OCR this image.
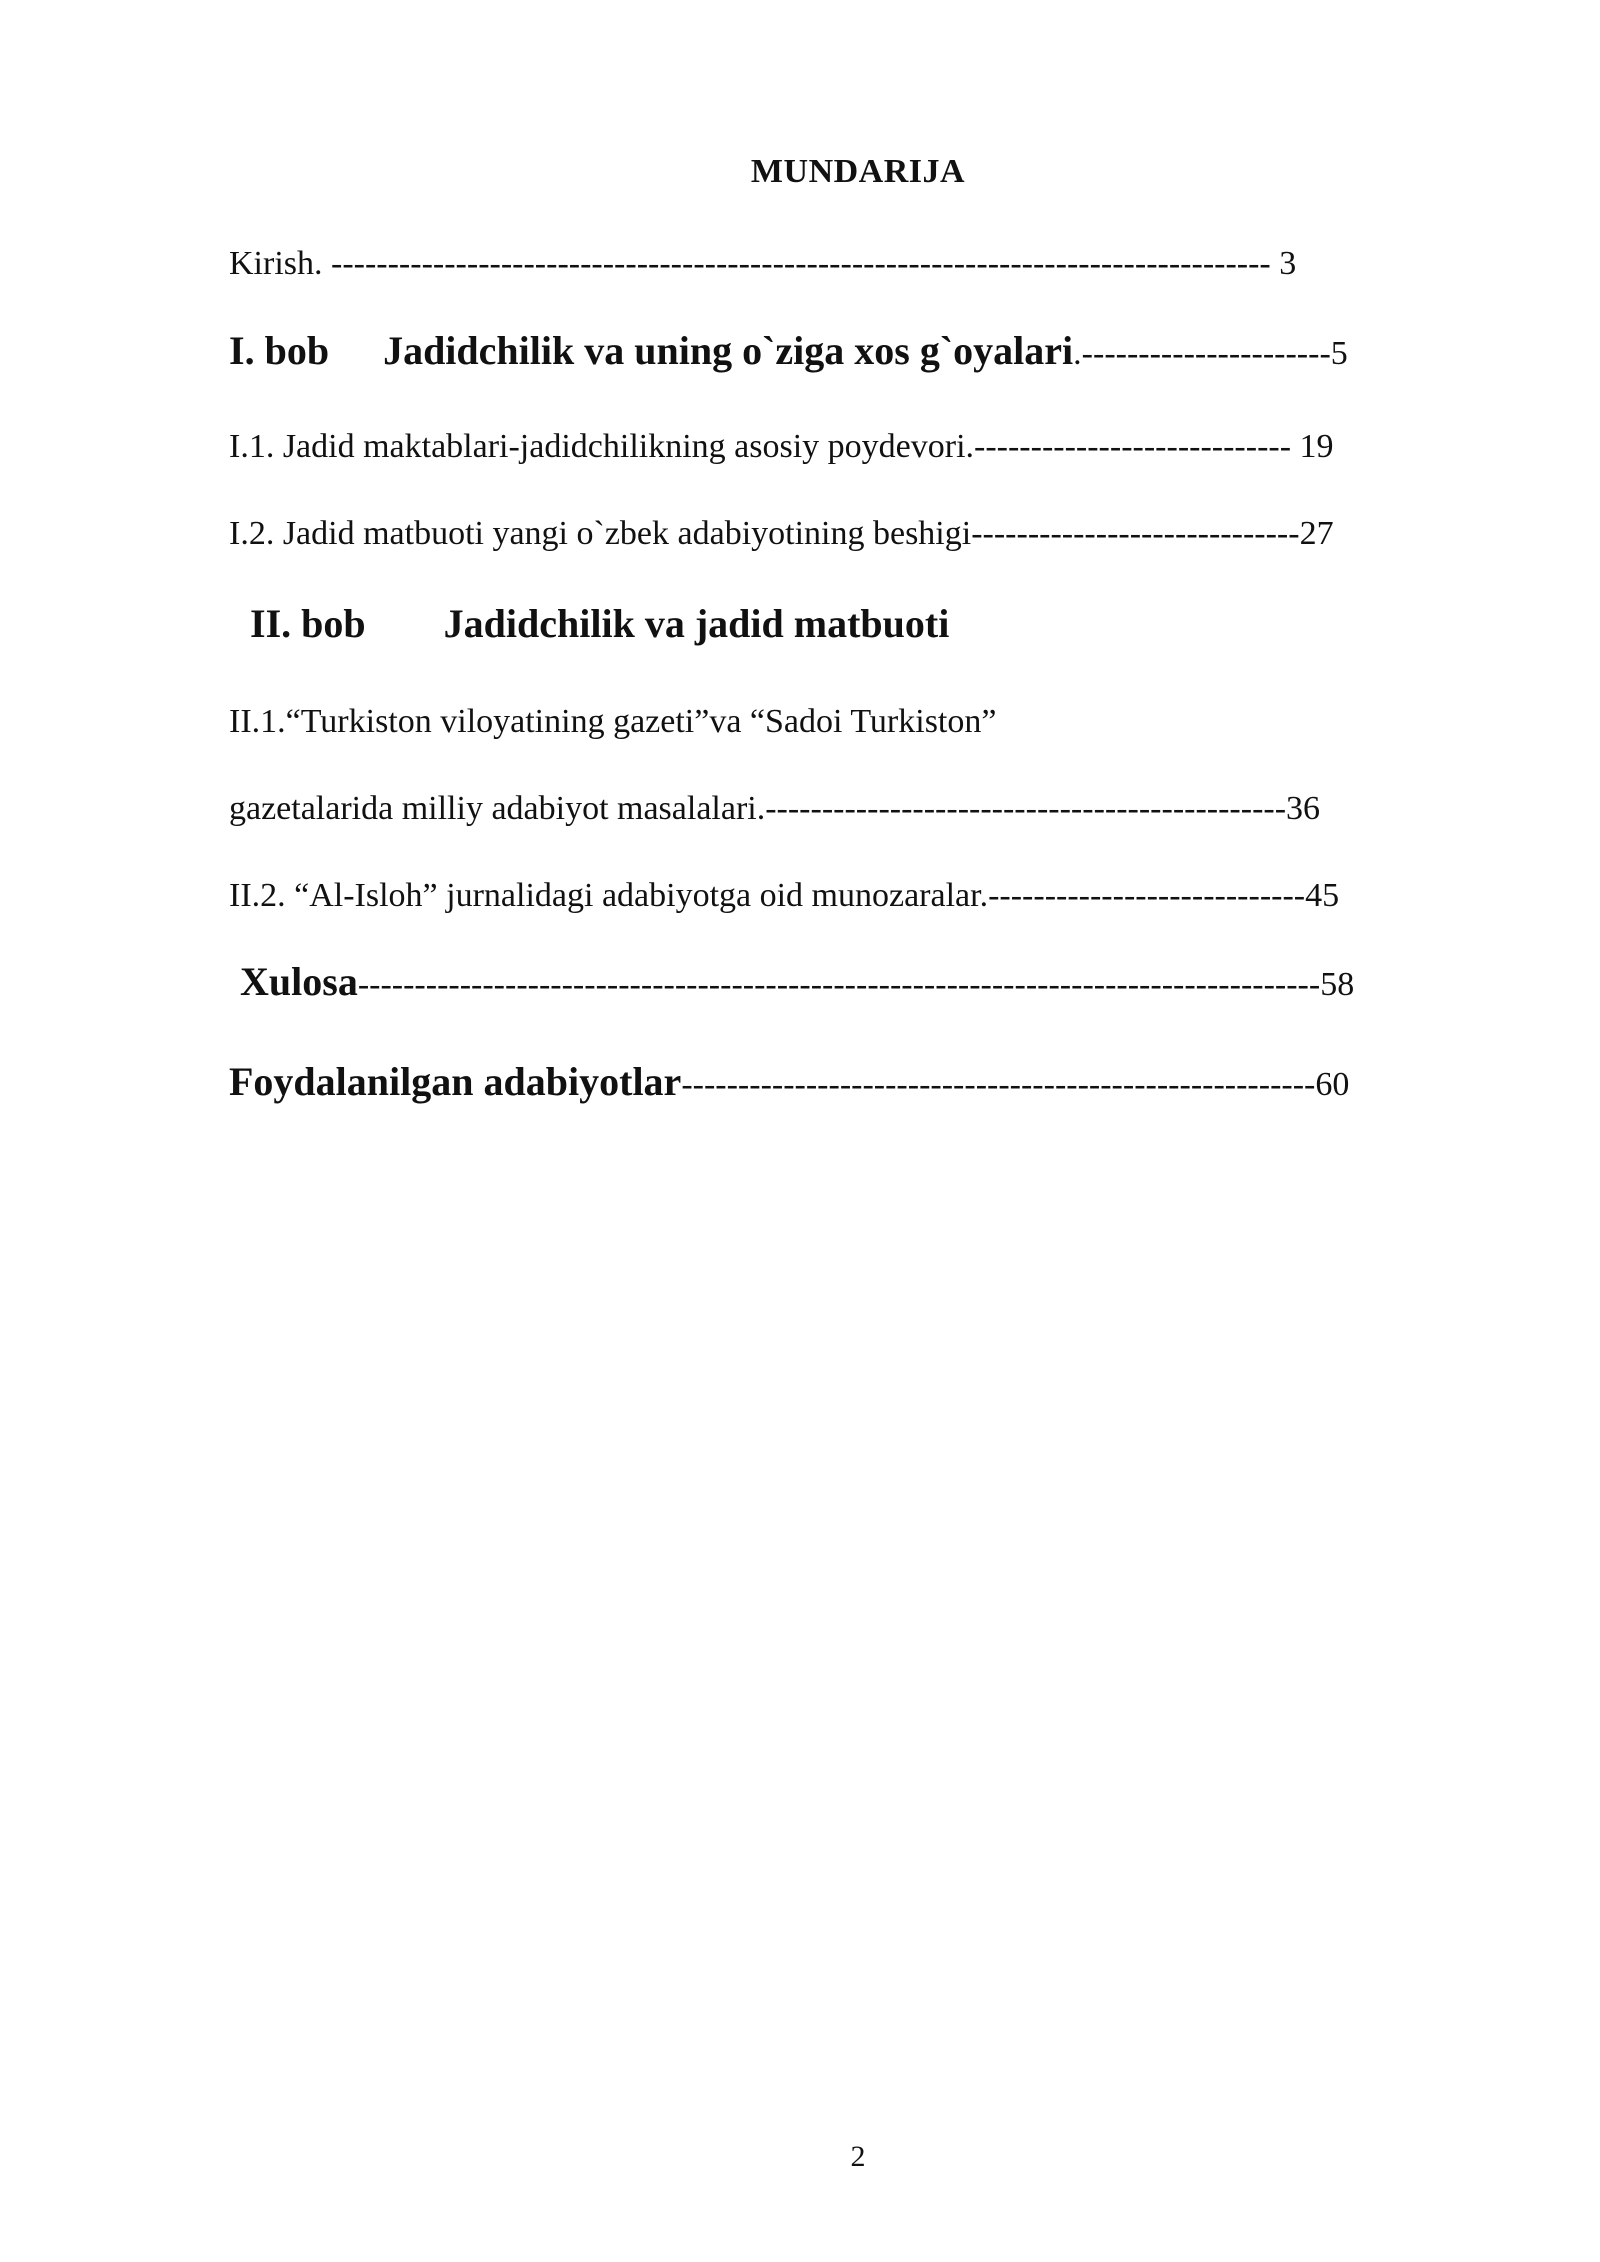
MUNDARIJA
Kirish. ----------------------------------------------------------------------------------- 3
I. bob Jadidchilik va uning o`ziga xos g`oyalari.----------------------5
I.1. Jadid maktablari-jadidchilikning asosiy poydevori.---------------------------- 19
I.2. Jadid matbuoti yangi o`zbek adabiyotining beshigi-----------------------------27
II. bob Jadidchilik va jadid matbuoti
II.1.“Turkiston viloyatining gazeti”va “Sadoi Turkiston”
gazetalarida milliy adabiyot masalalari.----------------------------------------------36
II.2. “Al-Isloh” jurnalidagi adabiyotga oid munozaralar.----------------------------45
Xulosa-------------------------------------------------------------------------------------58
Foydalanilgan adabiyotlar--------------------------------------------------------60
2
